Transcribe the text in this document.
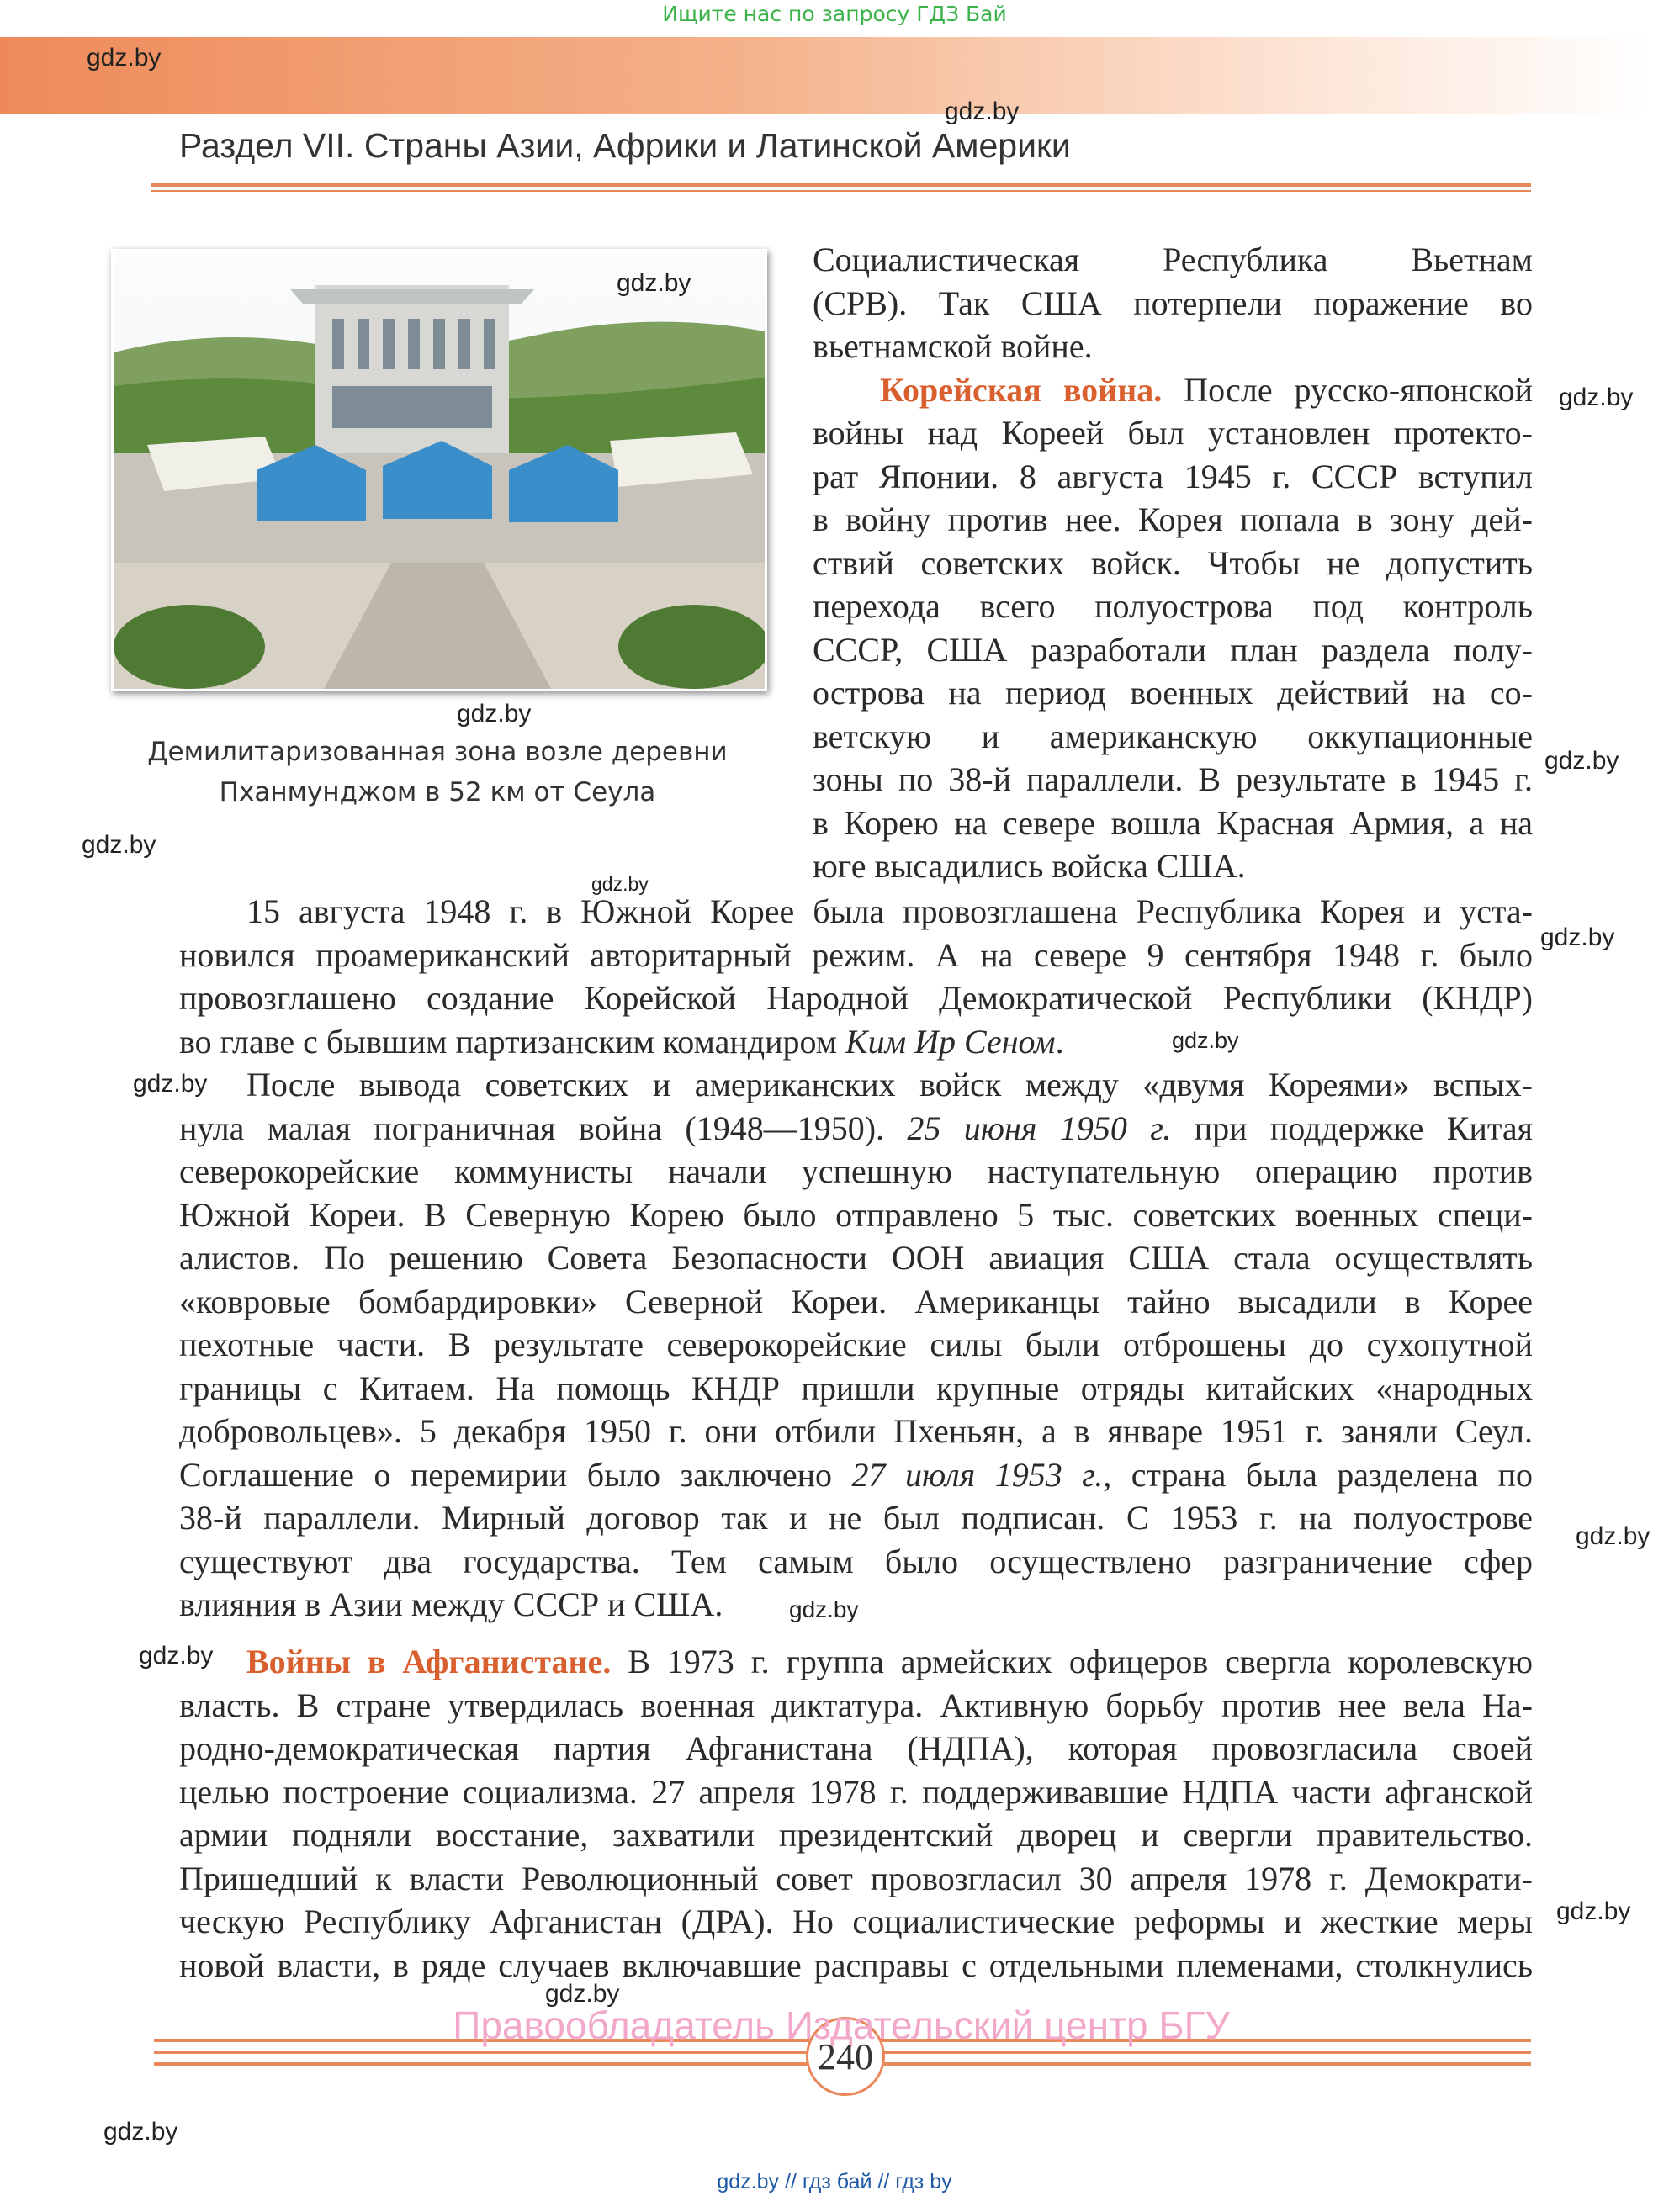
Ищите нас по запросу ГДЗ Бай
gdz.by
gdz.by
Раздел VII. Страны Азии, Африки и Латинской Америки
gdz.by
gdz.by
Демилитаризованная зона возле деревни
Пханмунджом в 52 км от Сеула
Социалистическая Республика Вьетнам
(СРВ). Так США потерпели поражение во
вьетнамской войне.
Корейская война. После русско-японской
войны над Кореей был установлен протекто-
рат Японии. 8 августа 1945 г. СССР вступил
в войну против нее. Корея попала в зону дей-
ствий советских войск. Чтобы не допустить
перехода всего полуострова под контроль
СССР, США разработали план раздела полу-
острова на период военных действий на со-
ветскую и американскую оккупационные
зоны по 38-й параллели. В результате в 1945 г.
в Корею на севере вошла Красная Армия, а на
юге высадились войска США.
gdz.by
gdz.by
gdz.by
gdz.by
15 августа 1948 г. в Южной Корее была провозглашена Республика Корея и уста-
новился проамериканский авторитарный режим. А на севере 9 сентября 1948 г. было
провозглашено создание Корейской Народной Демократической Республики (КНДР)
во главе с бывшим партизанским командиром Ким Ир Сеном.
gdz.by
gdz.by
gdz.by	После вывода советских и американских войск между «двумя Кореями» вспых-
нула малая пограничная война (1948—1950). 25 июня 1950 г. при поддержке Китая
северокорейские коммунисты начали успешную наступательную операцию против
Южной Кореи. В Северную Корею было отправлено 5 тыс. советских военных специ-
алистов. По решению Совета Безопасности ООН авиация США стала осуществлять
«ковровые бомбардировки» Северной Кореи. Американцы тайно высадили в Корее
пехотные части. В результате северокорейские силы были отброшены до сухопутной
границы с Китаем. На помощь КНДР пришли крупные отряды китайских «народных
добровольцев». 5 декабря 1950 г. они отбили Пхеньян, а в январе 1951 г. заняли Сеул.
Соглашение о перемирии было заключено 27 июля 1953 г., страна была разделена по
38-й параллели. Мирный договор так и не был подписан. С 1953 г. на полуострове
существуют два государства. Тем самым было осуществлено разграничение сфер
влияния в Азии между СССР и США.
gdz.by
gdz.by
gdz.by Войны в Афганистане. В 1973 г. группа армейских офицеров свергла королевскую
власть. В стране утвердилась военная диктатура. Активную борьбу против нее вела На-
родно-демократическая партия Афганистана (НДПА), которая провозгласила своей
целью построение социализма. 27 апреля 1978 г. поддерживавшие НДПА части афганской
армии подняли восстание, захватили президентский дворец и свергли правительство.
Пришедший к власти Революционный совет провозгласил 30 апреля 1978 г. Демократи-
ческую Республику Афганистан (ДРА). Но социалистические реформы и жесткие меры
новой власти, в ряде случаев включавшие расправы с отдельными племенами, столкнулись
gdz.by
gdz.by
Правообладатель Издательский центр БГУ
240
gdz.by
gdz.by // гдз бай // гдз by
